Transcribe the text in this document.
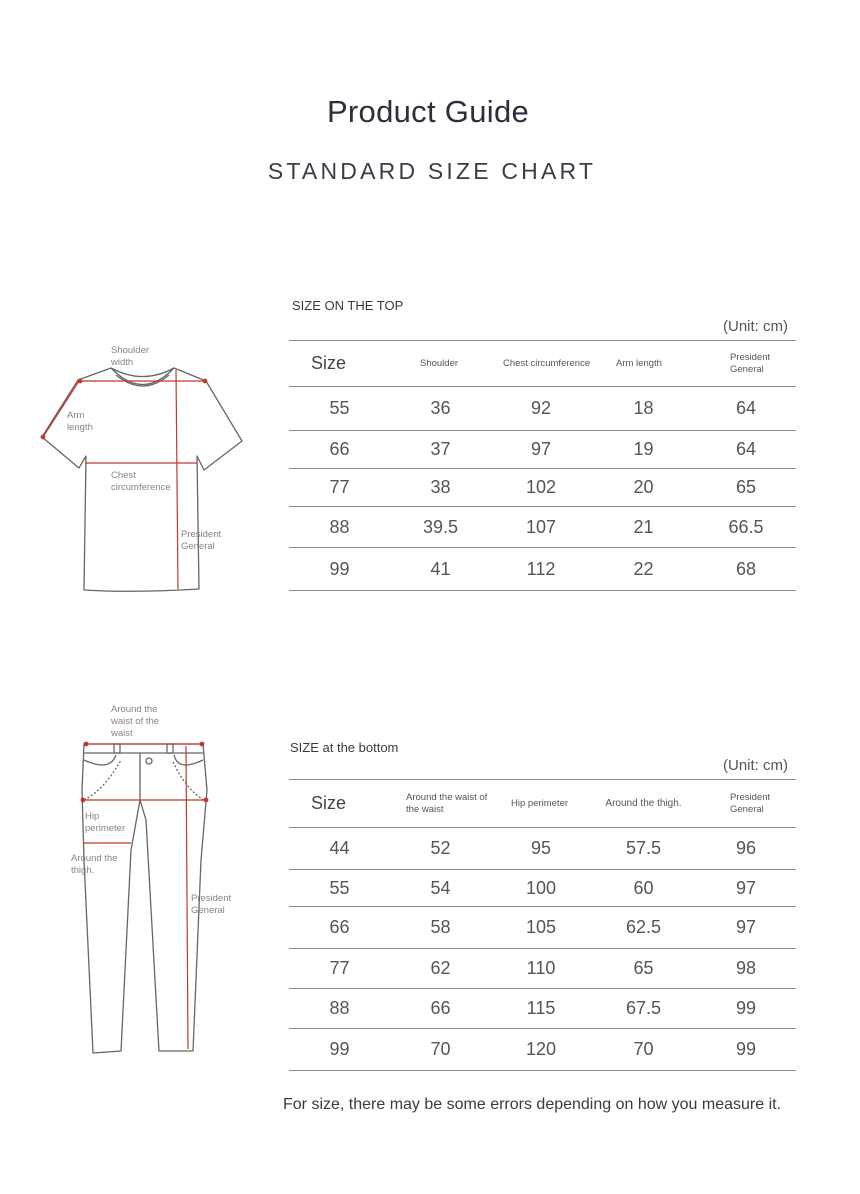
Product Guide
STANDARD SIZE CHART
SIZE ON THE TOP
(Unit: cm)
Shoulder width
Arm length
Chest circumference
President General
Size	Shoulder	Chest circumference	Arm length	President General
55	36	92	18	64
66	37	97	19	64
77	38	102	20	65
88	39.5	107	21	66.5
99	41	112	22	68
SIZE at the bottom
(Unit: cm)
Around the waist of the waist
Hip perimeter
Around the thigh.
President General
Size	Around the waist of the waist	Hip perimeter	Around the thigh.	President General
44	52	95	57.5	96
55	54	100	60	97
66	58	105	62.5	97
77	62	110	65	98
88	66	115	67.5	99
99	70	120	70	99
For size, there may be some errors depending on how you measure it.
